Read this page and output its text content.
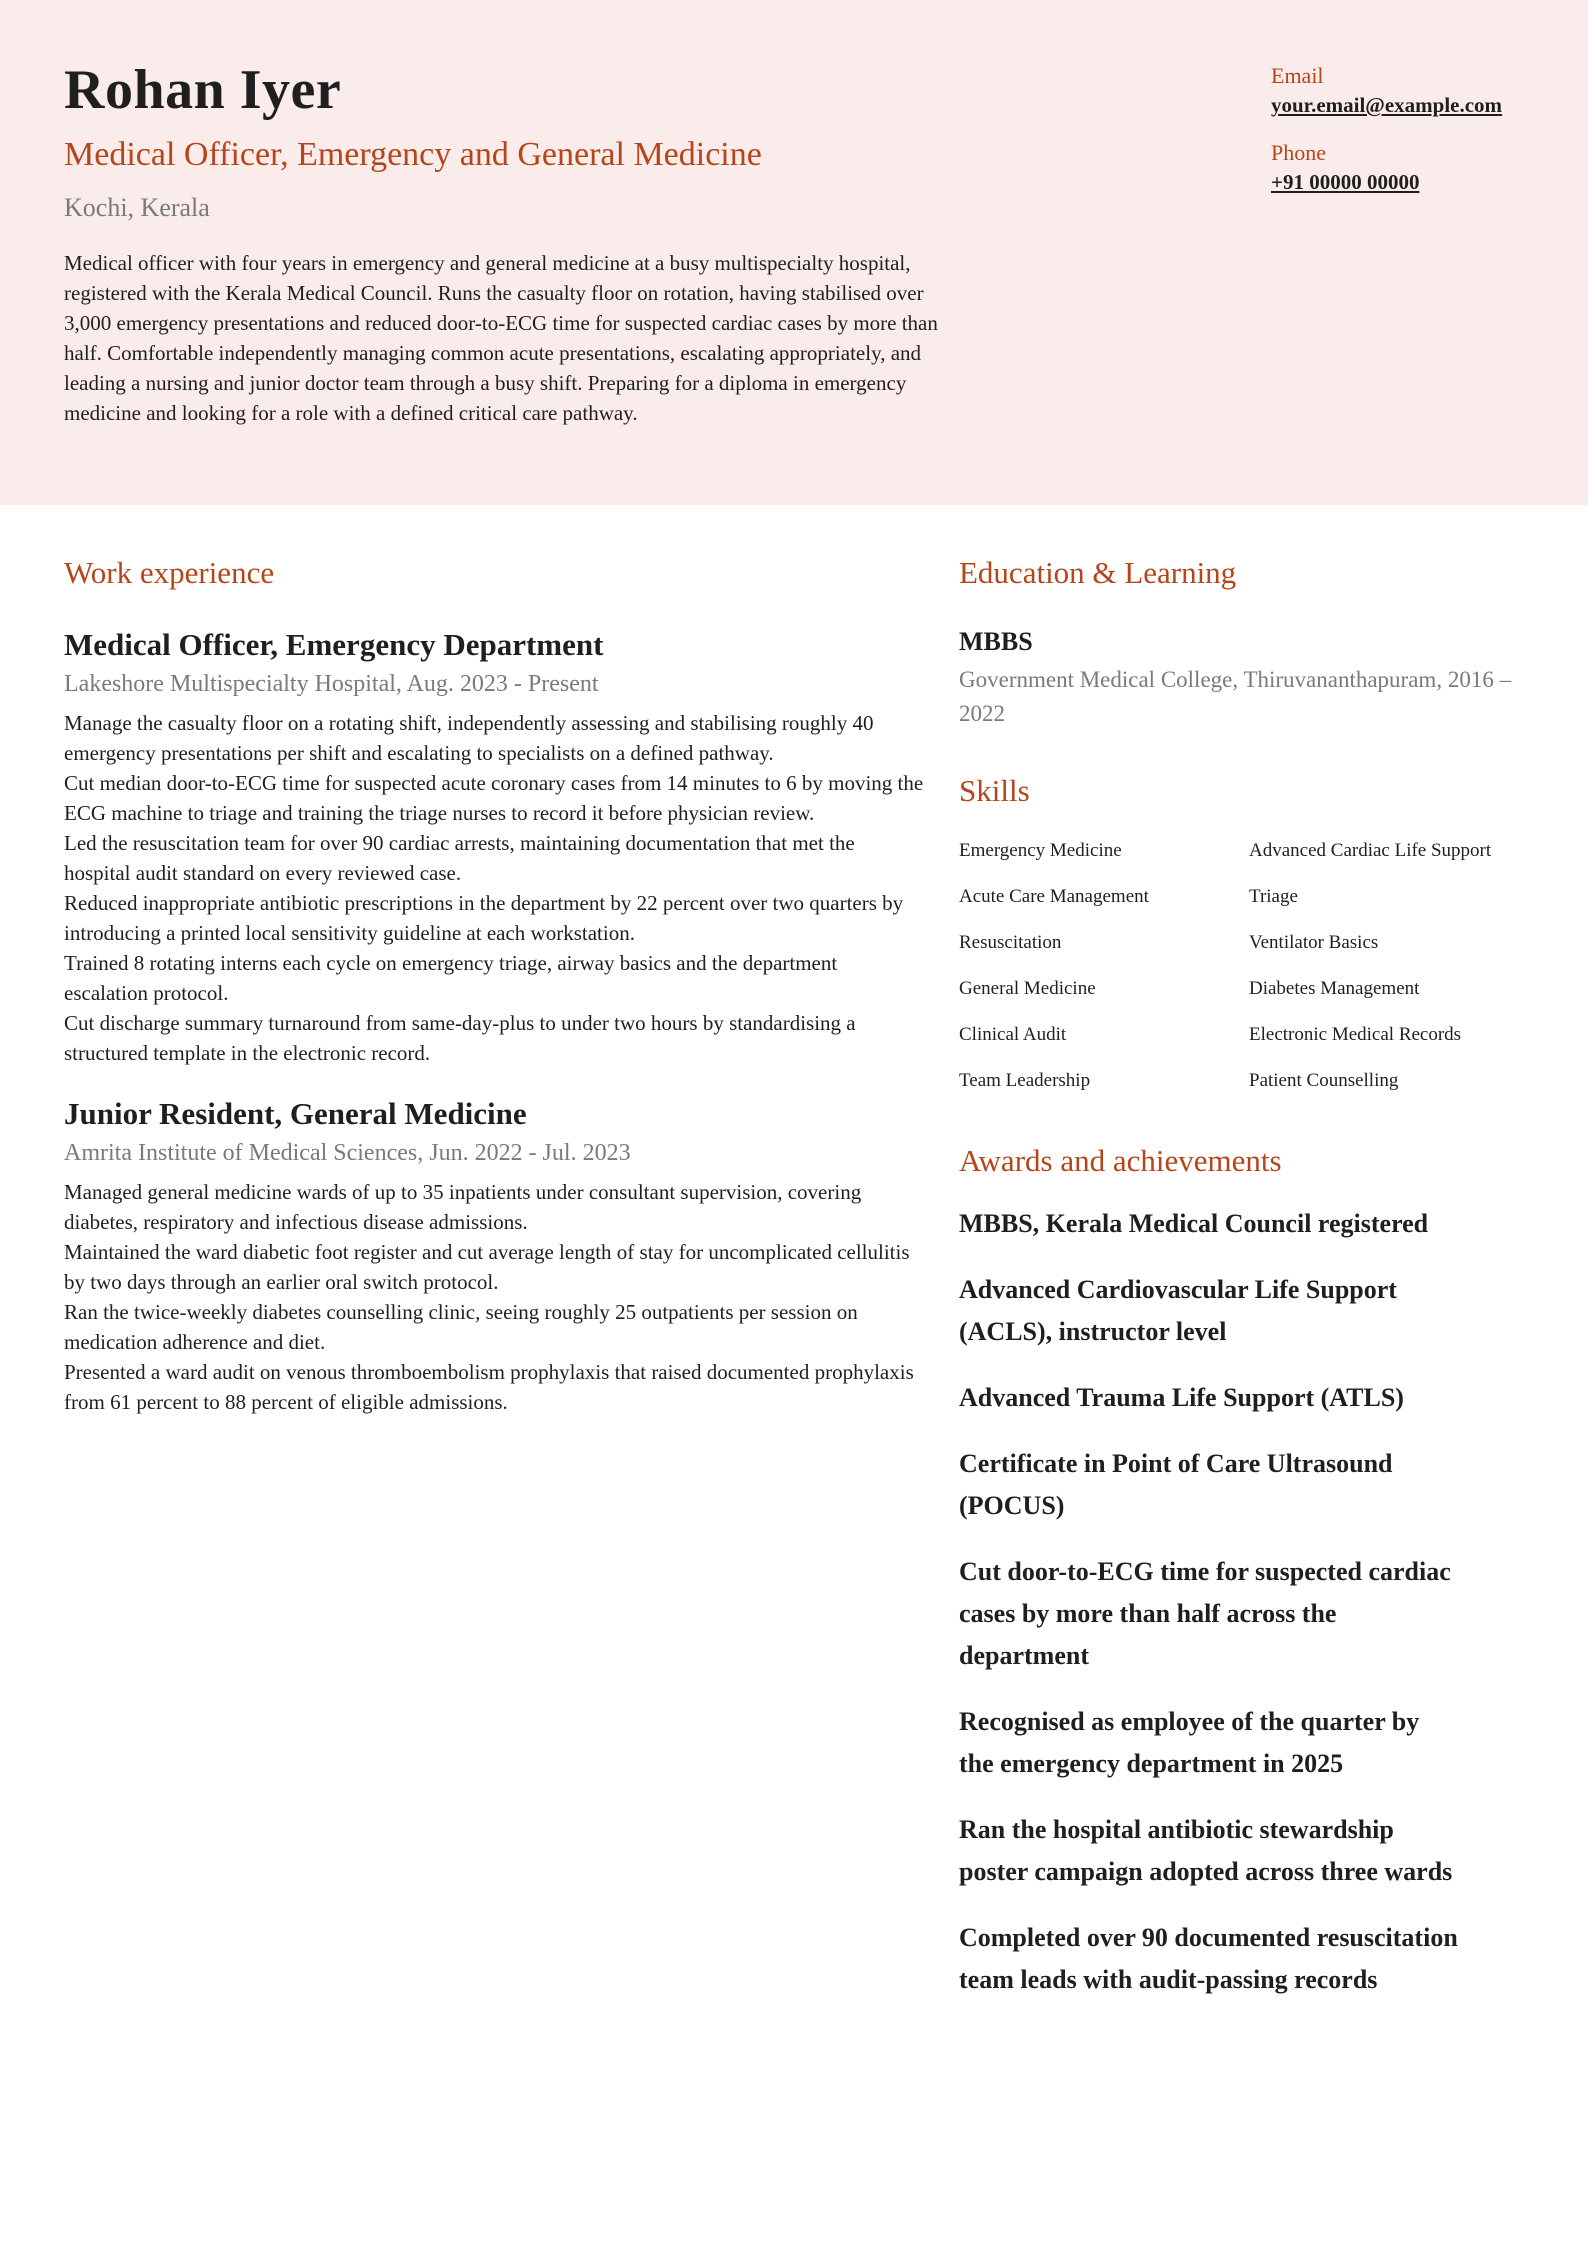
Rohan Iyer
Medical Officer, Emergency and General Medicine
Kochi, Kerala
Medical officer with four years in emergency and general medicine at a busy multispecialty hospital, registered with the Kerala Medical Council. Runs the casualty floor on rotation, having stabilised over 3,000 emergency presentations and reduced door-to-ECG time for suspected cardiac cases by more than half. Comfortable independently managing common acute presentations, escalating appropriately, and leading a nursing and junior doctor team through a busy shift. Preparing for a diploma in emergency medicine and looking for a role with a defined critical care pathway.
Email
your.email@example.com
Phone
+91 00000 00000
Work experience
Medical Officer, Emergency Department
Lakeshore Multispecialty Hospital, Aug. 2023 - Present
Manage the casualty floor on a rotating shift, independently assessing and stabilising roughly 40 emergency presentations per shift and escalating to specialists on a defined pathway.
Cut median door-to-ECG time for suspected acute coronary cases from 14 minutes to 6 by moving the ECG machine to triage and training the triage nurses to record it before physician review.
Led the resuscitation team for over 90 cardiac arrests, maintaining documentation that met the hospital audit standard on every reviewed case.
Reduced inappropriate antibiotic prescriptions in the department by 22 percent over two quarters by introducing a printed local sensitivity guideline at each workstation.
Trained 8 rotating interns each cycle on emergency triage, airway basics and the department escalation protocol.
Cut discharge summary turnaround from same-day-plus to under two hours by standardising a structured template in the electronic record.
Junior Resident, General Medicine
Amrita Institute of Medical Sciences, Jun. 2022 - Jul. 2023
Managed general medicine wards of up to 35 inpatients under consultant supervision, covering diabetes, respiratory and infectious disease admissions.
Maintained the ward diabetic foot register and cut average length of stay for uncomplicated cellulitis by two days through an earlier oral switch protocol.
Ran the twice-weekly diabetes counselling clinic, seeing roughly 25 outpatients per session on medication adherence and diet.
Presented a ward audit on venous thromboembolism prophylaxis that raised documented prophylaxis from 61 percent to 88 percent of eligible admissions.
Education & Learning
MBBS
Government Medical College, Thiruvananthapuram, 2016 – 2022
Skills
Emergency Medicine	Advanced Cardiac Life Support
Acute Care Management	Triage
Resuscitation	Ventilator Basics
General Medicine	Diabetes Management
Clinical Audit	Electronic Medical Records
Team Leadership	Patient Counselling
Awards and achievements
MBBS, Kerala Medical Council registered
Advanced Cardiovascular Life Support (ACLS), instructor level
Advanced Trauma Life Support (ATLS)
Certificate in Point of Care Ultrasound (POCUS)
Cut door-to-ECG time for suspected cardiac cases by more than half across the department
Recognised as employee of the quarter by the emergency department in 2025
Ran the hospital antibiotic stewardship poster campaign adopted across three wards
Completed over 90 documented resuscitation team leads with audit-passing records
